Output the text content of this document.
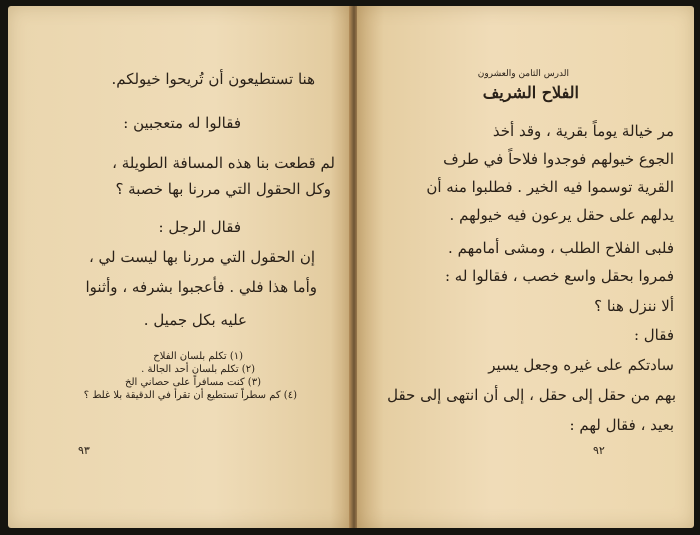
هنا تستطيعون أن تُريحوا خيولكم.
فقالوا له متعجبين :
لم قطعت بنا هذه المسافة الطويلة ،
وكل الحقول التي مررنا بها خصبة ؟
فقال الرجل :
إن الحقول التي مررنا بها ليست لي ،
وأما هذا فلي . فأعجبوا بشرفه ، وأثنوا
عليه بكل جميل .
(١) تكلم بلسان الفلاح
(٢) تكلم بلسان أحد الجالة .
(٣) كنت مسافراً على حصاني الخ
(٤) كم سطراً تستطيع أن تقرأ في الدقيقة بلا غلط ؟
٩٣
الدرس الثامن والعشرون
الفلاح الشريف
مر خيالة يوماً بقرية ، وقد أخذ
الجوع خيولهم فوجدوا فلاحاً في طرف
القرية توسموا فيه الخير . فطلبوا منه أن
يدلهم على حقل يرعون فيه خيولهم .
فلبى الفلاح الطلب ، ومشى أمامهم .
فمروا بحقل واسع خصب ، فقالوا له :
ألا ننزل هنا ؟
فقال :
سادتكم على غيره وجعل يسير
بهم من حقل إلى حقل ، إلى أن انتهى إلى حقل
بعيد ، فقال لهم :
٩٢
